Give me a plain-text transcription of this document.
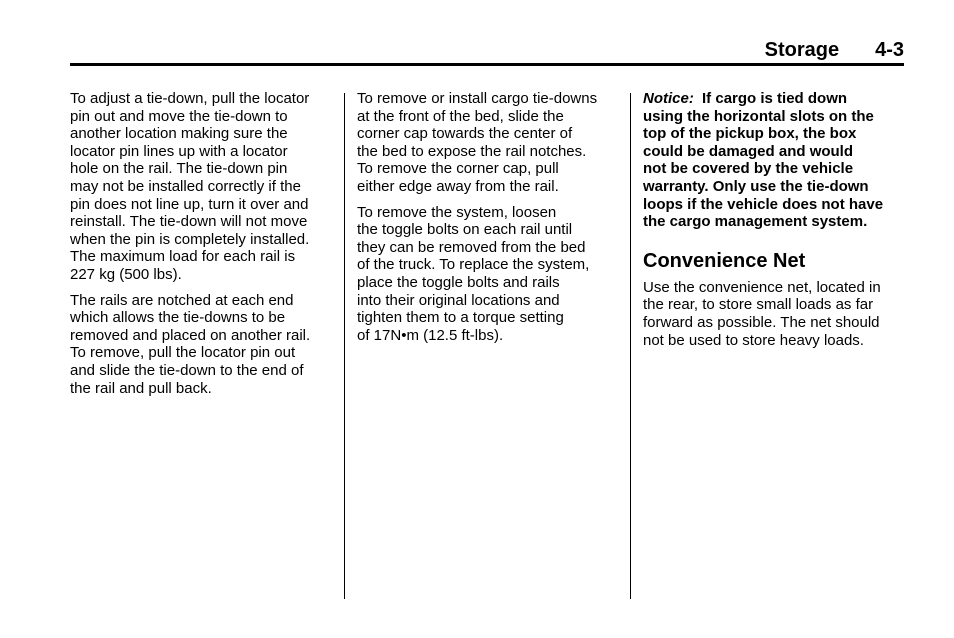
Storage 4-3

To adjust a tie-down, pull the locator
pin out and move the tie-down to
another location making sure the
locator pin lines up with a locator
hole on the rail. The tie-down pin
may not be installed correctly if the
pin does not line up, turn it over and
reinstall. The tie-down will not move
when the pin is completely installed.
The maximum load for each rail is
227 kg (500 lbs).

The rails are notched at each end
which allows the tie-downs to be
removed and placed on another rail.
To remove, pull the locator pin out
and slide the tie-down to the end of
the rail and pull back.

To remove or install cargo tie-downs
at the front of the bed, slide the
corner cap towards the center of
the bed to expose the rail notches.
To remove the corner cap, pull
either edge away from the rail.

To remove the system, loosen
the toggle bolts on each rail until
they can be removed from the bed
of the truck. To replace the system,
place the toggle bolts and rails
into their original locations and
tighten them to a torque setting
of 17N•m (12.5 ft-lbs).

Notice: If cargo is tied down
using the horizontal slots on the
top of the pickup box, the box
could be damaged and would
not be covered by the vehicle
warranty. Only use the tie-down
loops if the vehicle does not have
the cargo management system.

Convenience Net

Use the convenience net, located in
the rear, to store small loads as far
forward as possible. The net should
not be used to store heavy loads.
